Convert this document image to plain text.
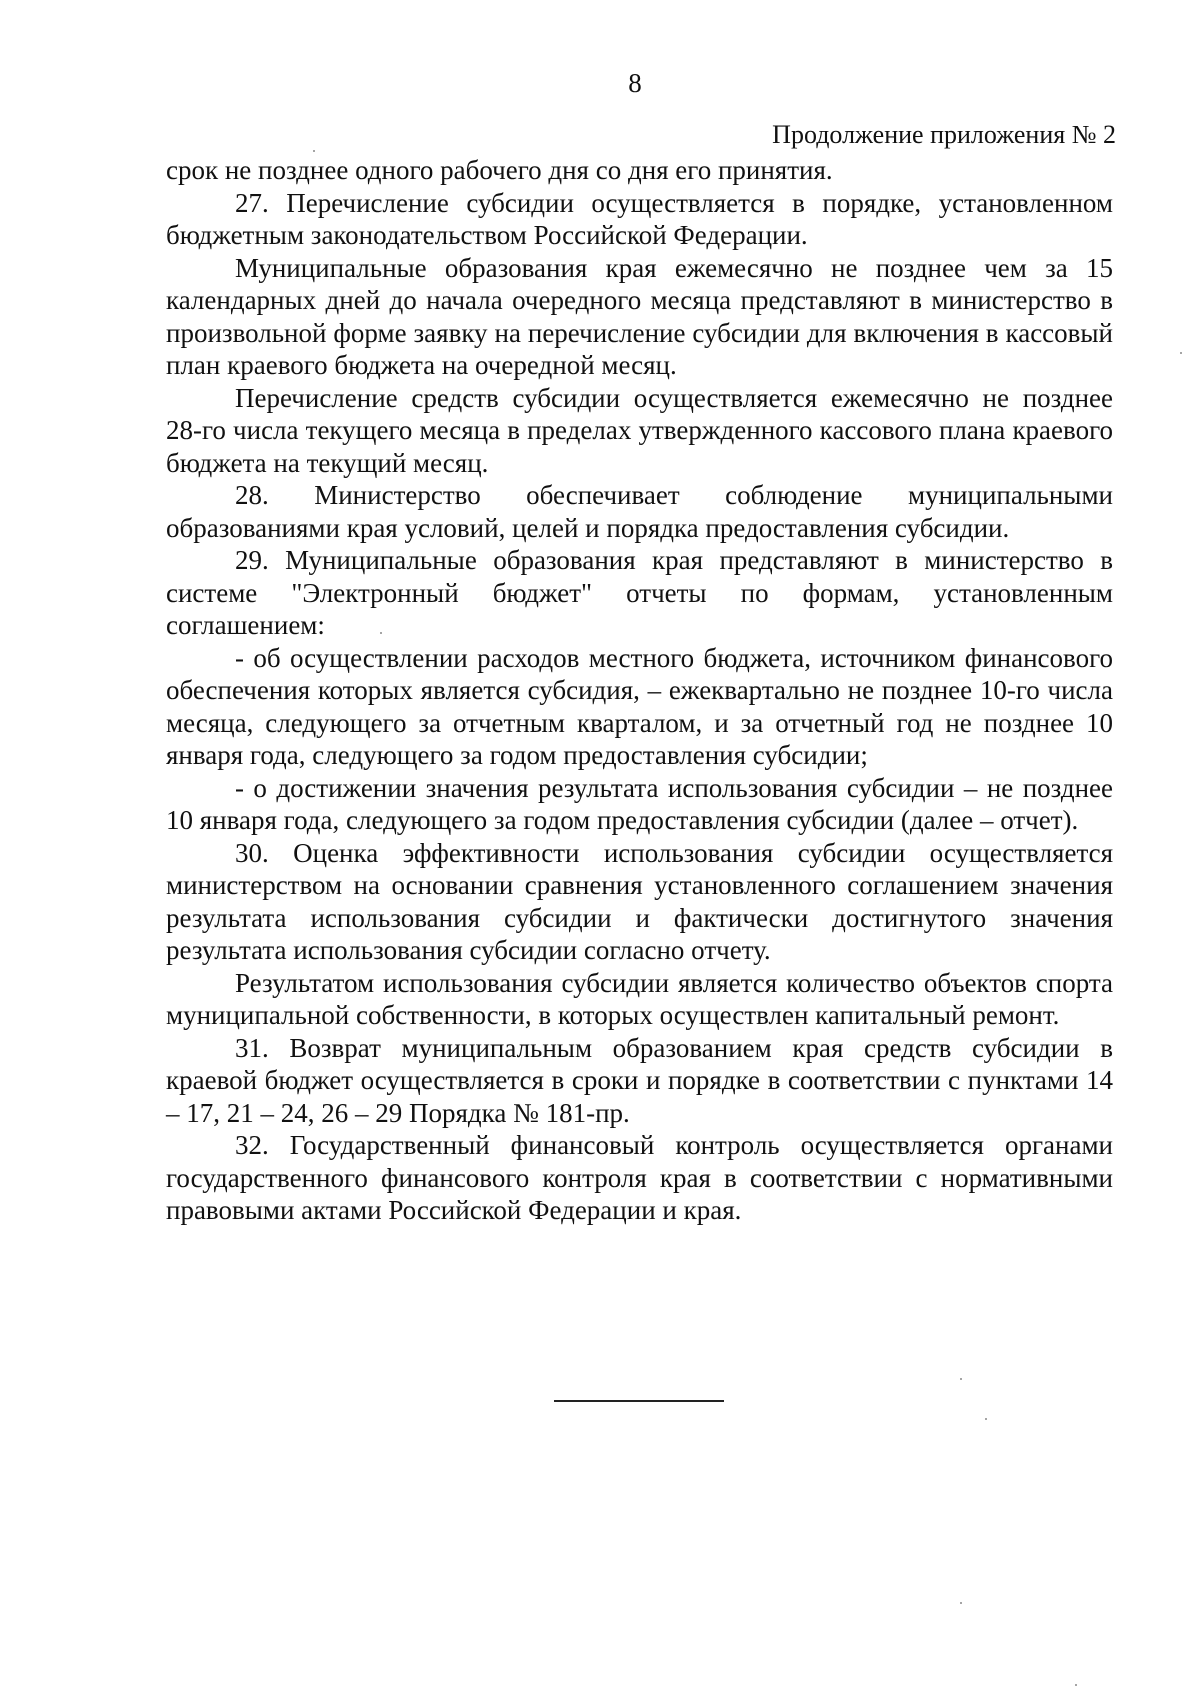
8
Продолжение приложения № 2

срок не позднее одного рабочего дня со дня его принятия.

27. Перечисление субсидии осуществляется в порядке, установленном бюджетным законодательством Российской Федерации.

Муниципальные образования края ежемесячно не позднее чем за 15 календарных дней до начала очередного месяца представляют в министерство в произвольной форме заявку на перечисление субсидии для включения в кассовый план краевого бюджета на очередной месяц.

Перечисление средств субсидии осуществляется ежемесячно не позднее 28-го числа текущего месяца в пределах утвержденного кассового плана краевого бюджета на текущий месяц.

28. Министерство обеспечивает соблюдение муниципальными образованиями края условий, целей и порядка предоставления субсидии.

29. Муниципальные образования края представляют в министерство в системе "Электронный бюджет" отчеты по формам, установленным соглашением:

- об осуществлении расходов местного бюджета, источником финансового обеспечения которых является субсидия, – ежеквартально не позднее 10-го числа месяца, следующего за отчетным кварталом, и за отчетный год не позднее 10 января года, следующего за годом предоставления субсидии;

- о достижении значения результата использования субсидии – не позднее 10 января года, следующего за годом предоставления субсидии (далее – отчет).

30. Оценка эффективности использования субсидии осуществляется министерством на основании сравнения установленного соглашением значения результата использования субсидии и фактически достигнутого значения результата использования субсидии согласно отчету.

Результатом использования субсидии является количество объектов спорта муниципальной собственности, в которых осуществлен капитальный ремонт.

31. Возврат муниципальным образованием края средств субсидии в краевой бюджет осуществляется в сроки и порядке в соответствии с пунктами 14 – 17, 21 – 24, 26 – 29 Порядка № 181-пр.

32. Государственный финансовый контроль осуществляется органами государственного финансового контроля края в соответствии с нормативными правовыми актами Российской Федерации и края.
